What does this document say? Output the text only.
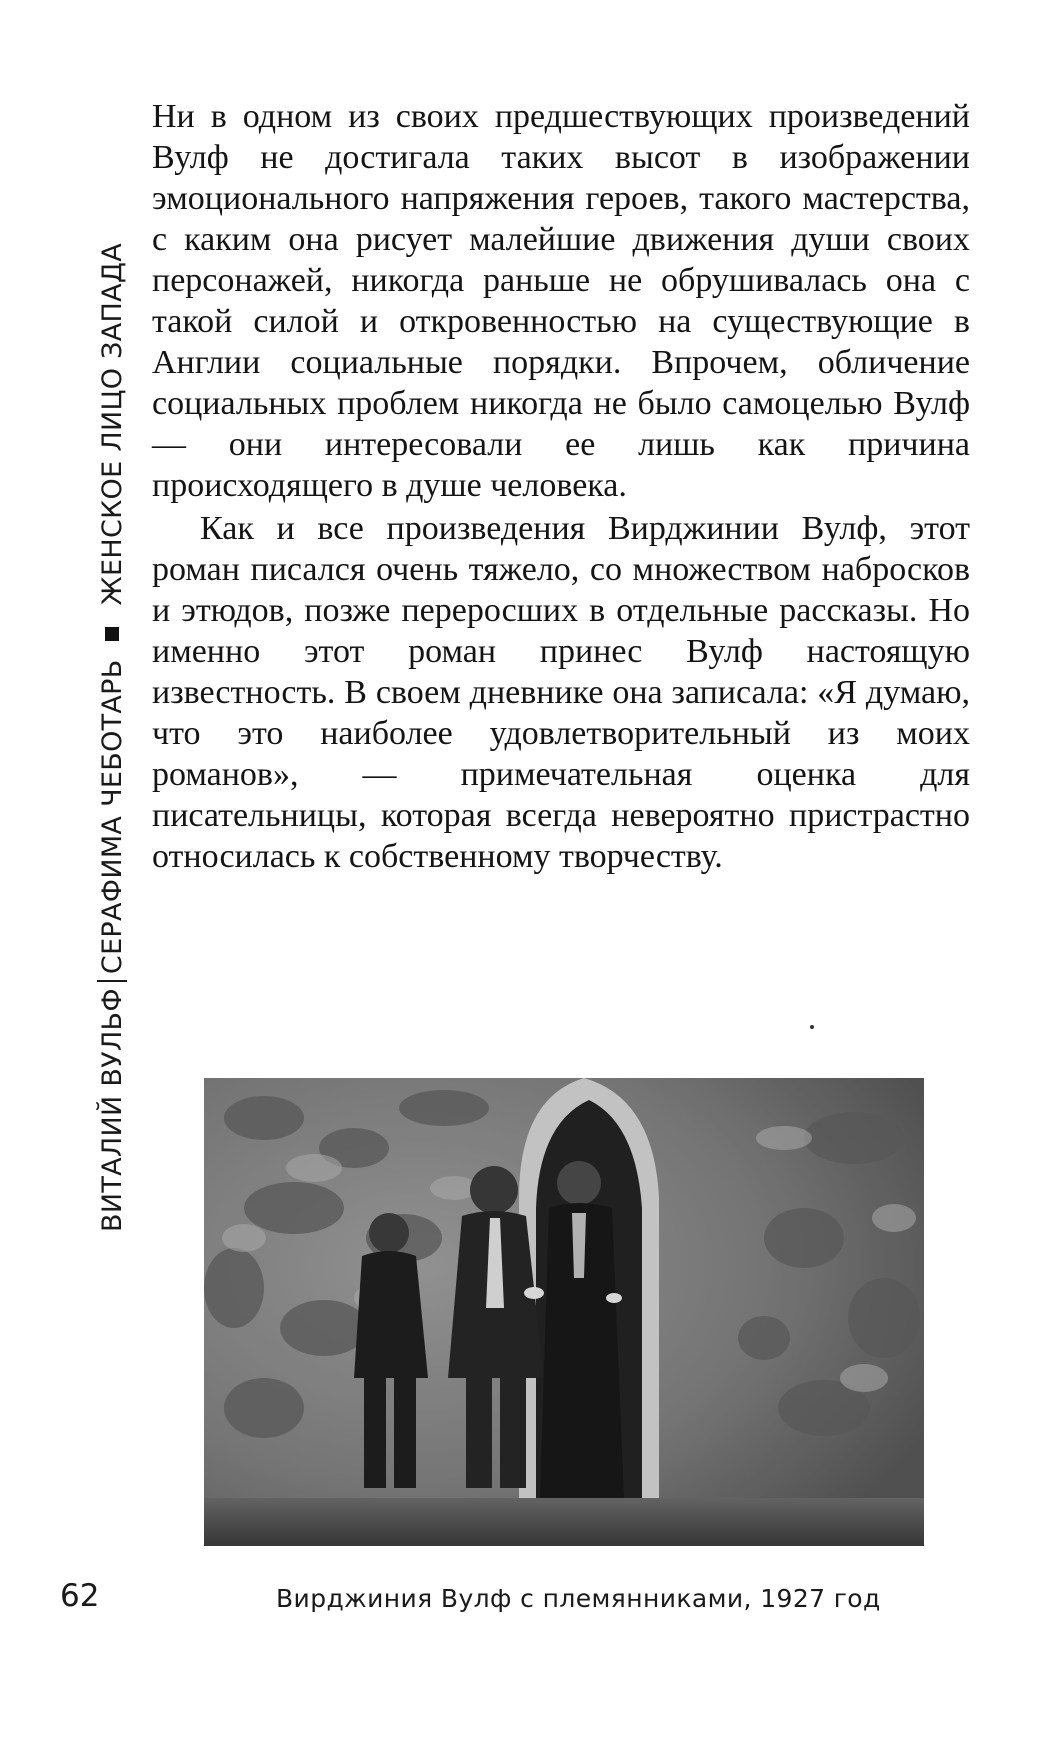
ВИТАЛИЙ ВУЛЬФ
СЕРАФИМА ЧЕБОТАРЬ
ЖЕНСКОЕ ЛИЦО ЗАПАДА

Ни в одном из своих предшествующих произведений Вулф не достигала таких высот в изображении эмоционального напряжения героев, такого мастерства, с каким она рисует малейшие движения души своих персонажей, никогда раньше не обрушивалась она с такой силой и откровенностью на существующие в Англии социальные порядки. Впрочем, обличение социальных проблем никогда не было самоцелью Вулф — они интересовали ее лишь как причина происходящего в душе человека.

Как и все произведения Вирджинии Вулф, этот роман писался очень тяжело, со множеством набросков и этюдов, позже переросших в отдельные рассказы. Но именно этот роман принес Вулф настоящую известность. В своем дневнике она записала: «Я думаю, что это наиболее удовлетворительный из моих романов», — примечательная оценка для писательницы, которая всегда невероятно пристрастно относилась к собственному творчеству.

62	Вирджиния Вулф с племянниками, 1927 год
